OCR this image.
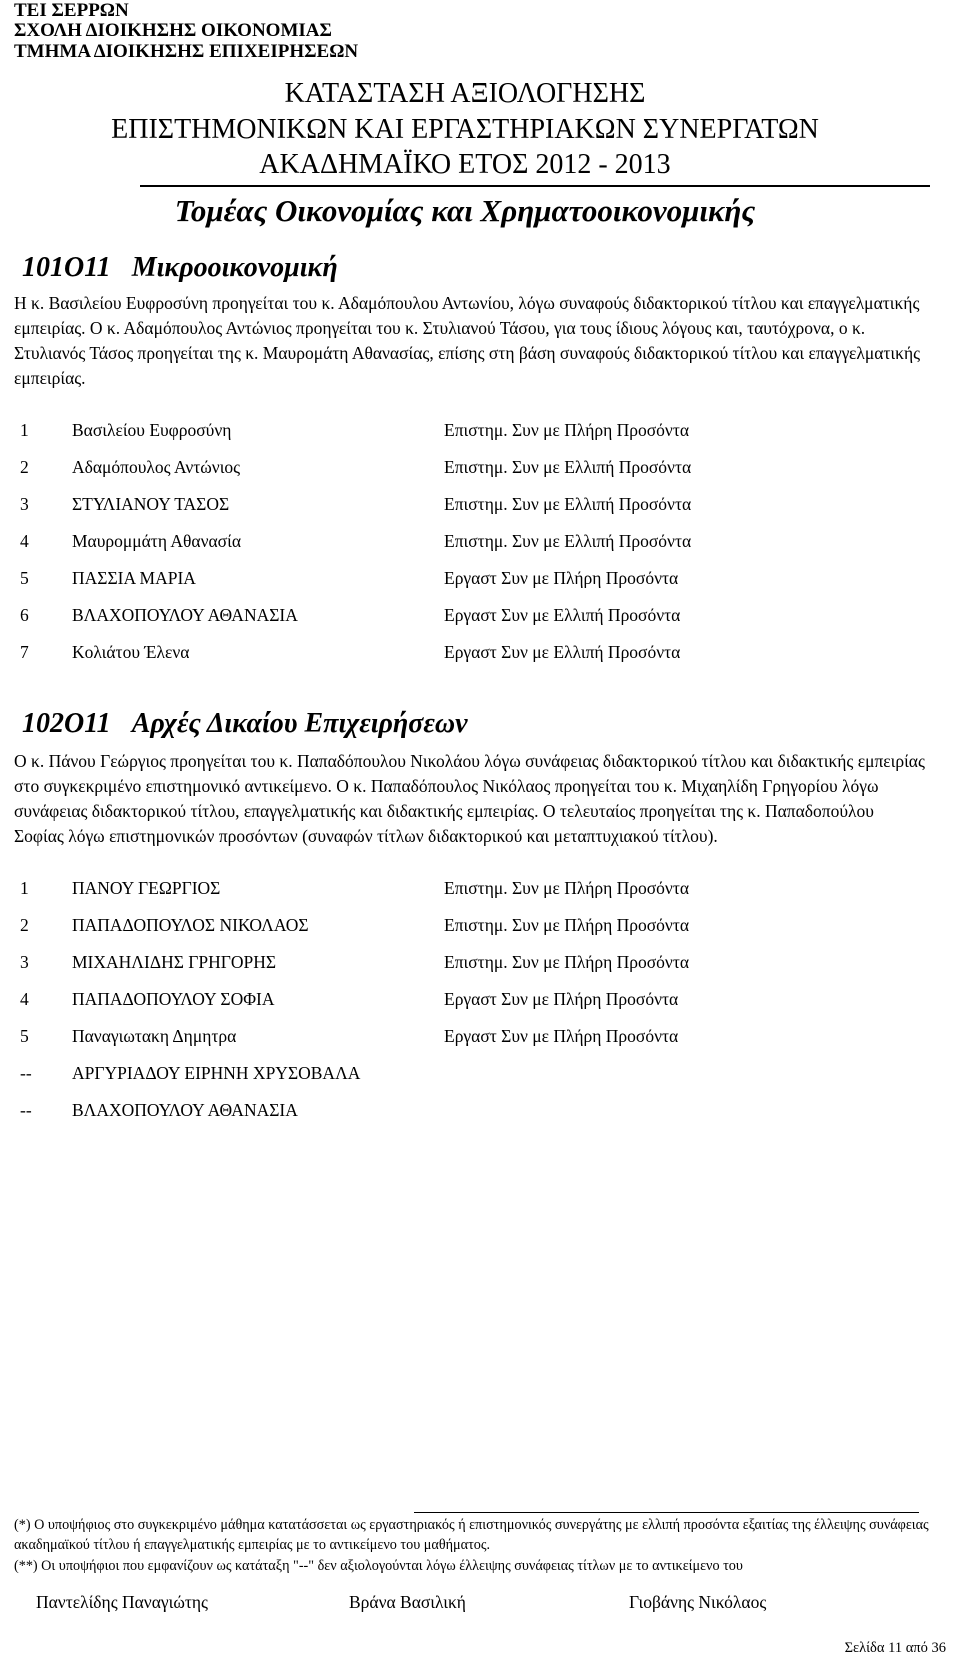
ΤΕΙ ΣΕΡΡΩΝ
ΣΧΟΛΗ ΔΙΟΙΚΗΣΗΣ ΟΙΚΟΝΟΜΙΑΣ
ΤΜΗΜΑ ΔΙΟΙΚΗΣΗΣ ΕΠΙΧΕΙΡΗΣΕΩΝ
ΚΑΤΑΣΤΑΣΗ ΑΞΙΟΛΟΓΗΣΗΣ
ΕΠΙΣΤΗΜΟΝΙΚΩΝ ΚΑΙ ΕΡΓΑΣΤΗΡΙΑΚΩΝ ΣΥΝΕΡΓΑΤΩΝ
ΑΚΑΔΗΜΑΪΚΟ ΕΤΟΣ 2012 - 2013
Τομέας Οικονομίας και Χρηματοοικονομικής
101Ο11 Μικροοικονομική
Η κ. Βασιλείου Ευφροσύνη προηγείται του κ. Αδαμόπουλου Αντωνίου, λόγω συναφούς διδακτορικού τίτλου και επαγγελματικής εμπειρίας. Ο κ. Αδαμόπουλος Αντώνιος προηγείται του κ. Στυλιανού Τάσου, για τους ίδιους λόγους και, ταυτόχρονα, ο κ. Στυλιανός Τάσος προηγείται της κ. Μαυρομάτη Αθανασίας, επίσης στη βάση συναφούς διδακτορικού τίτλου και επαγγελματικής εμπειρίας.
1	Βασιλείου Ευφροσύνη	Επιστημ. Συν με Πλήρη Προσόντα
2	Αδαμόπουλος Αντώνιος	Επιστημ. Συν με Ελλιπή Προσόντα
3	ΣΤΥΛΙΑΝΟΥ ΤΑΣΟΣ	Επιστημ. Συν με Ελλιπή Προσόντα
4	Μαυρομμάτη Αθανασία	Επιστημ. Συν με Ελλιπή Προσόντα
5	ΠΑΣΣΙΑ ΜΑΡΙΑ	Εργαστ Συν με Πλήρη Προσόντα
6	ΒΛΑΧΟΠΟΥΛΟΥ ΑΘΑΝΑΣΙΑ	Εργαστ Συν με Ελλιπή Προσόντα
7	Κολιάτου Έλενα	Εργαστ Συν με Ελλιπή Προσόντα
102Ο11 Αρχές Δικαίου Επιχειρήσεων
Ο κ. Πάνου Γεώργιος προηγείται του κ. Παπαδόπουλου Νικολάου λόγω συνάφειας διδακτορικού τίτλου και διδακτικής εμπειρίας στο συγκεκριμένο επιστημονικό αντικείμενο. Ο κ. Παπαδόπουλος Νικόλαος προηγείται του κ. Μιχαηλίδη Γρηγορίου λόγω συνάφειας διδακτορικού τίτλου, επαγγελματικής και διδακτικής εμπειρίας. Ο τελευταίος προηγείται της κ. Παπαδοπούλου Σοφίας λόγω επιστημονικών προσόντων (συναφών τίτλων διδακτορικού και μεταπτυχιακού τίτλου).
1	ΠΑΝΟΥ ΓΕΩΡΓΙΟΣ	Επιστημ. Συν με Πλήρη Προσόντα
2	ΠΑΠΑΔΟΠΟΥΛΟΣ ΝΙΚΟΛΑΟΣ	Επιστημ. Συν με Πλήρη Προσόντα
3	ΜΙΧΑΗΛΙΔΗΣ ΓΡΗΓΟΡΗΣ	Επιστημ. Συν με Πλήρη Προσόντα
4	ΠΑΠΑΔΟΠΟΥΛΟΥ ΣΟΦΙΑ	Εργαστ Συν με Πλήρη Προσόντα
5	Παναγιωτακη Δημητρα	Εργαστ Συν με Πλήρη Προσόντα
--	ΑΡΓΥΡΙΑΔΟΥ ΕΙΡΗΝΗ ΧΡΥΣΟΒΑΛΑ
--	ΒΛΑΧΟΠΟΥΛΟΥ ΑΘΑΝΑΣΙΑ
(*) Ο υποψήφιος στο συγκεκριμένο μάθημα κατατάσσεται ως εργαστηριακός ή επιστημονικός συνεργάτης με ελλιπή προσόντα εξαιτίας της έλλειψης συνάφειας ακαδημαϊκού τίτλου ή επαγγελματικής εμπειρίας με το αντικείμενο του μαθήματος.
(**) Οι υποψήφιοι που εμφανίζουν ως κατάταξη "--" δεν αξιολογούνται λόγω έλλειψης συνάφειας τίτλων με το αντικείμενο του
Παντελίδης Παναγιώτης	Βράνα Βασιλική	Γιοβάνης Νικόλαος
Σελίδα 11 από 36
